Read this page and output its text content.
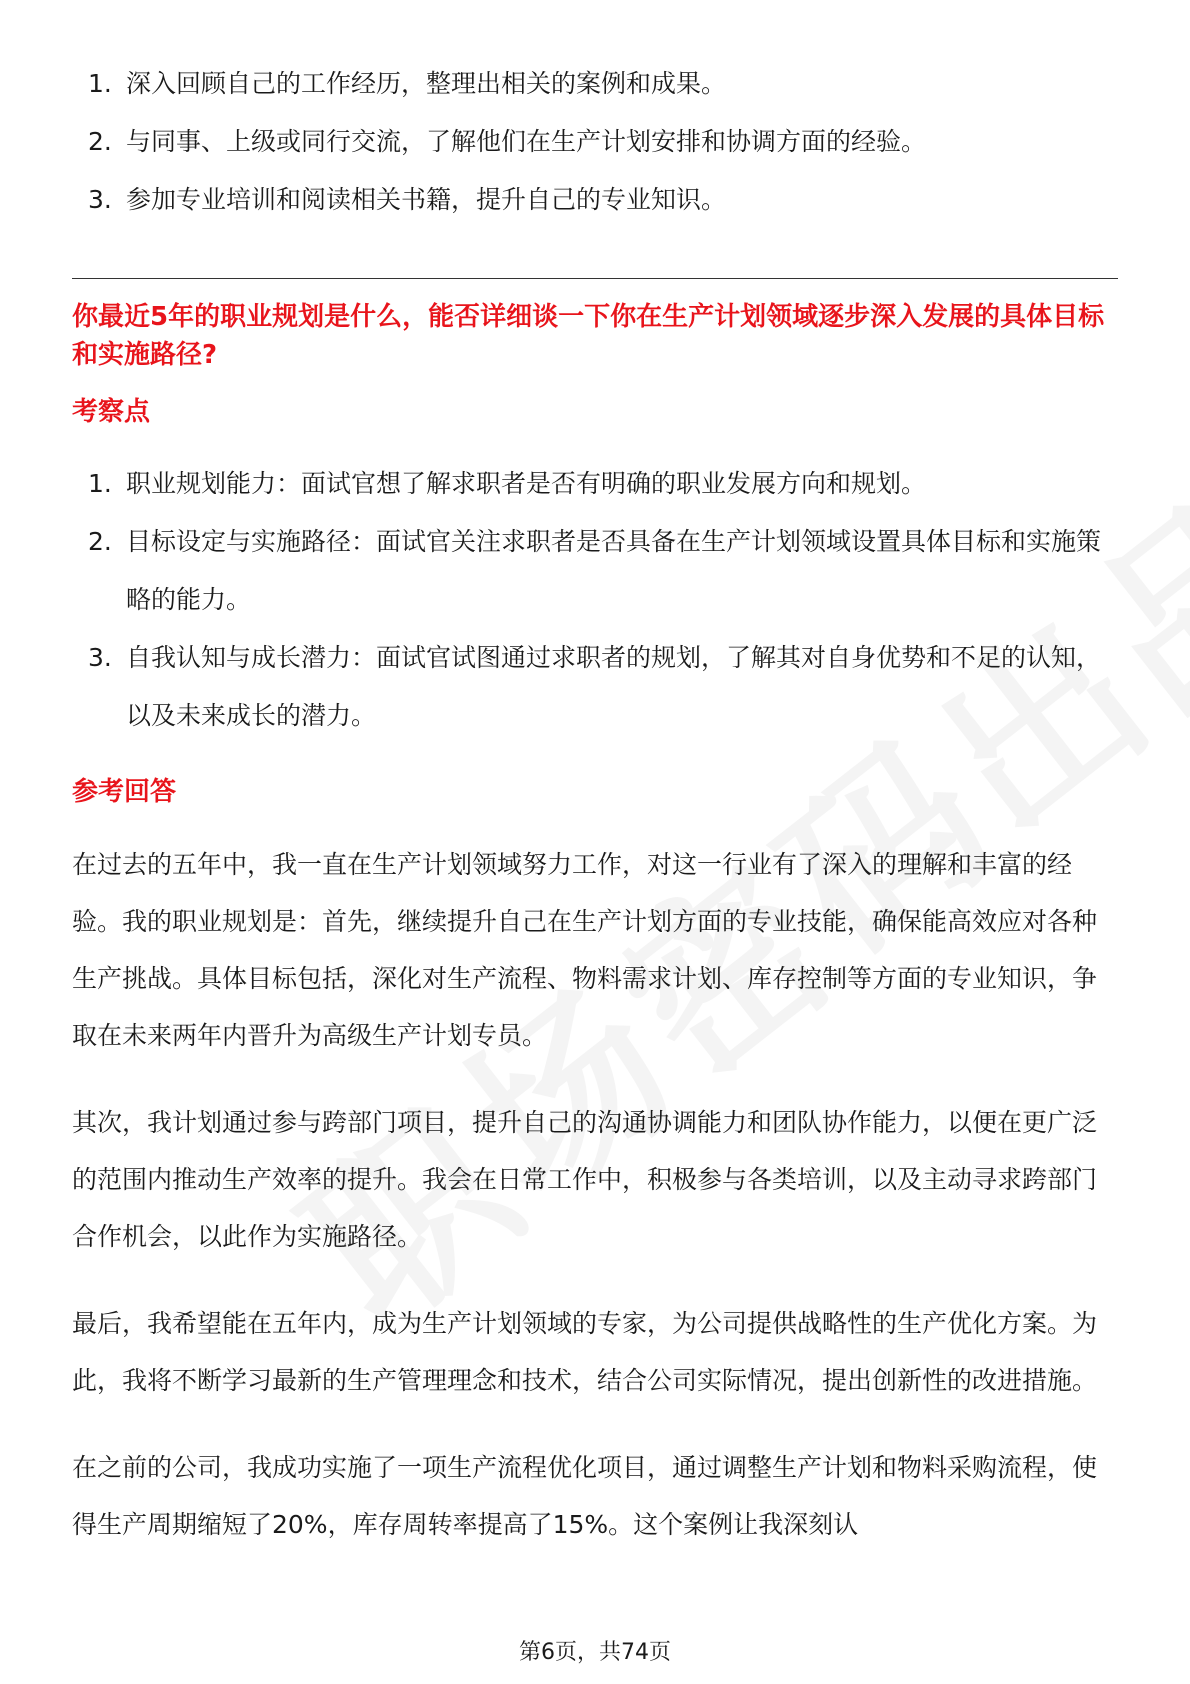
1. 深入回顾自己的工作经历，整理出相关的案例和成果。
2. 与同事、上级或同行交流，了解他们在生产计划安排和协调方面的经验。
3. 参加专业培训和阅读相关书籍，提升自己的专业知识。
你最近5年的职业规划是什么，能否详细谈一下你在生产计划领域逐步深入发展的具体目标和实施路径?
考察点
1. 职业规划能力：面试官想了解求职者是否有明确的职业发展方向和规划。
2. 目标设定与实施路径：面试官关注求职者是否具备在生产计划领域设置具体目标和实施策略的能力。
3. 自我认知与成长潜力：面试官试图通过求职者的规划，了解其对自身优势和不足的认知，以及未来成长的潜力。
参考回答

在过去的五年中，我一直在生产计划领域努力工作，对这一行业有了深入的理解和丰富的经验。我的职业规划是：首先，继续提升自己在生产计划方面的专业技能，确保能高效应对各种生产挑战。具体目标包括，深化对生产流程、物料需求计划、库存控制等方面的专业知识，争取在未来两年内晋升为高级生产计划专员。

其次，我计划通过参与跨部门项目，提升自己的沟通协调能力和团队协作能力，以便在更广泛的范围内推动生产效率的提升。我会在日常工作中，积极参与各类培训，以及主动寻求跨部门合作机会，以此作为实施路径。

最后，我希望能在五年内，成为生产计划领域的专家，为公司提供战略性的生产优化方案。为此，我将不断学习最新的生产管理理念和技术，结合公司实际情况，提出创新性的改进措施。

在之前的公司，我成功实施了一项生产流程优化项目，通过调整生产计划和物料采购流程，使得生产周期缩短了20%，库存周转率提高了15%。这个案例让我深刻认

第6页，共74页
